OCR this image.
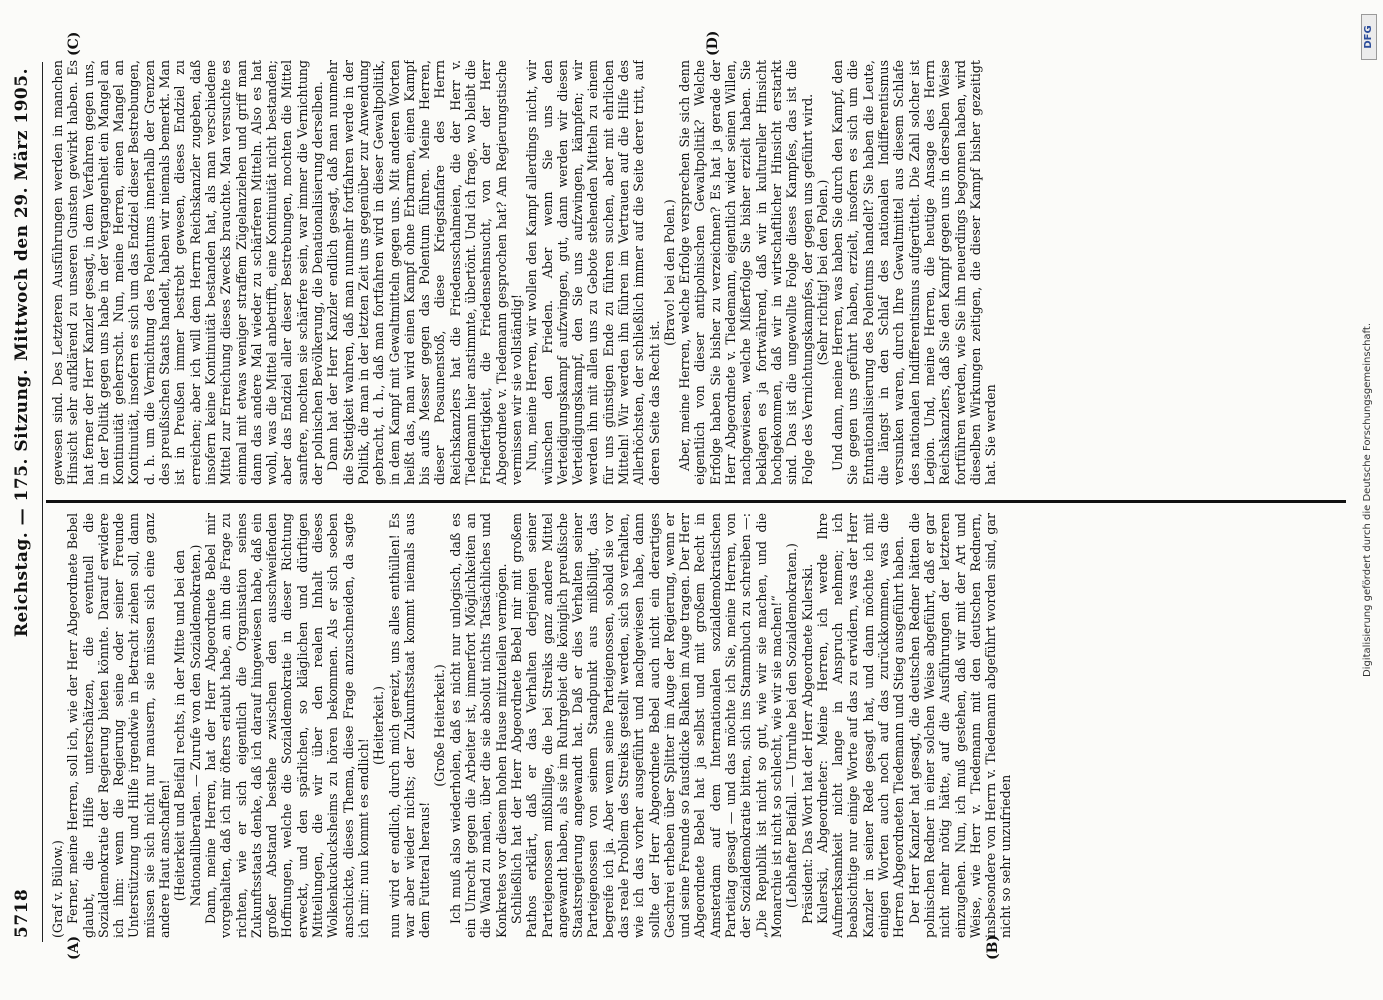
5718
Reichstag. — 175. Sitzung.
Mittwoch den 29. März 1905.
(A)	(B)
(C)	(D)

(Graf v. Bülow.) Ferner, meine Herren, soll ich, wie der Herr Abgeordnete Bebel glaubt, die Hilfe unterschätzen, die eventuell die Sozialdemokratie der Regierung bieten könnte. Darauf erwidere ich ihm: wenn die Regierung seine oder seiner Freunde Unterstützung und Hilfe irgendwie in Betracht ziehen soll, dann müssen sie sich nicht nur mausern, sie müssen sich eine ganz andere Haut anschaffen! (Heiterkeit und Beifall rechts, in der Mitte und bei den Nationalliberalen. — Zurufe von den Sozialdemokraten.) Dann, meine Herren, hat der Herr Abgeordnete Bebel mir vorgehalten, daß ich mir öfters erlaubt habe, an ihn die Frage zu richten, wie er sich eigentlich die Organisation seines Zukunftsstaats denke, daß ich darauf hingewiesen habe, daß ein großer Abstand bestehe zwischen den ausschweifenden Hoffnungen, welche die Sozialdemokratie in dieser Richtung erweckt, und den spärlichen, so kläglichen und dürftigen Mitteilungen, die wir über den realen Inhalt dieses Wolkenkuckucksheims zu hören bekommen. Als er sich soeben anschickte, dieses Thema, diese Frage anzuschneiden, da sagte ich mir: nun kommt es endlich!

(Heiterkeit.) nun wird er endlich, durch mich gereizt, uns alles enthüllen! Es war aber wieder nichts; der Zukunftsstaat kommt niemals aus dem Futteral heraus!

(Große Heiterkeit.) Ich muß also wiederholen, daß es nicht nur unlogisch, daß es ein Unrecht gegen die Arbeiter ist, immerfort Möglichkeiten an die Wand zu malen, über die sie absolut nichts Tatsächliches und Konkretes vor diesem hohen Hause mitzuteilen vermögen. Schließlich hat der Herr Abgeordnete Bebel mir mit großem Pathos erklärt, daß er das Verhalten derjenigen seiner Parteigenossen mißbillige, die bei Streiks ganz andere Mittel angewandt haben, als sie im Ruhrgebiet die königlich preußische Staatsregierung angewandt hat. Daß er dies Verhalten seiner Parteigenossen von seinem Standpunkt aus mißbilligt, das begreife ich ja. Aber wenn seine Parteigenossen, sobald sie vor das reale Problem des Streiks gestellt werden, sich so verhalten, wie ich das vorher ausgeführt und nachgewiesen habe, dann sollte der Herr Abgeordnete Bebel auch nicht ein derartiges Geschrei erheben über Splitter im Auge der Regierung, wenn er und seine Freunde so faustdicke Balken im Auge tragen. Der Herr Abgeordnete Bebel hat ja selbst und mit großem Recht in Amsterdam auf dem Internationalen sozialdemokratischen Parteitag gesagt — und das möchte ich Sie, meine Herren, von der Sozialdemokratie bitten, sich ins Stammbuch zu schreiben —: „Die Republik ist nicht so gut, wie wir sie machen, und die Monarchie ist nicht so schlecht, wie wir sie machen!“ (Lebhafter Beifall. — Unruhe bei den Sozialdemokraten.) Präsident: Das Wort hat der Herr Abgeordnete Kulerski. Kulerski, Abgeordneter: Meine Herren, ich werde Ihre Aufmerksamkeit nicht lange in Anspruch nehmen; ich beabsichtige nur einige Worte auf das zu erwidern, was der Herr Kanzler in seiner Rede gesagt hat, und dann möchte ich mit einigen Worten auch noch auf das zurückkommen, was die Herren Abgeordneten Tiedemann und Stieg ausgeführt haben. Der Herr Kanzler hat gesagt, die deutschen Redner hätten die polnischen Redner in einer solchen Weise abgeführt, daß er gar nicht mehr nötig hätte, auf die Ausführungen der letzteren einzugehen. Nun, ich muß gestehen, daß wir mit der Art und Weise, wie Herr v. Tiedemann mit den deutschen Rednern, insbesondere von Herrn v. Tiedemann abgeführt worden sind, gar nicht so sehr unzufrieden

gewesen sind. Des Letzteren Ausführungen werden in manchen Hinsicht sehr aufklärend zu unseren Gunsten gewirkt haben. Es hat ferner der Herr Kanzler gesagt, in dem Verfahren gegen uns, in der Politik gegen uns habe in der Vergangenheit ein Mangel an Kontinuität geherrscht. Nun, meine Herren, einen Mangel an Kontinuität, insofern es sich um das Endziel dieser Bestrebungen, d. h. um die Vernichtung des Polentums innerhalb der Grenzen des preußischen Staats handelt, haben wir niemals bemerkt. Man ist in Preußen immer bestrebt gewesen, dieses Endziel zu erreichen; aber ich will dem Herrn Reichskanzler zugeben, daß insofern keine Kontinuität bestanden hat, als man verschiedene Mittel zur Erreichung dieses Zwecks brauchte. Man versuchte es einmal mit etwas weniger straffem Zügelanziehen und griff man dann das andere Mal wieder zu schärferen Mitteln. Also es hat wohl, was die Mittel anbetrifft, eine Kontinuität nicht bestanden; aber das Endziel aller dieser Bestrebungen, mochten die Mittel sanftere, mochten sie schärfere sein, war immer die Vernichtung der polnischen Bevölkerung, die Denationalisierung derselben. Dann hat der Herr Kanzler endlich gesagt, daß man nunmehr die Stetigkeit wahren, daß man nunmehr fortfahren werde in der Politik, die man in der letzten Zeit uns gegenüber zur Anwendung gebracht, d. h., daß man fortfahren wird in dieser Gewaltpolitik, in dem Kampf mit Gewaltmitteln gegen uns. Mit anderen Worten heißt das, man wird einen Kampf ohne Erbarmen, einen Kampf bis aufs Messer gegen das Polentum führen. Meine Herren, dieser Posaunenstoß, diese Kriegsfanfare des Herrn Reichskanzlers hat die Friedensschalmeien, die der Herr v. Tiedemann hier anstimmte, übertönt. Und ich frage, wo bleibt die Friedfertigkeit, die Friedensehnsucht, von der der Herr Abgeordnete v. Tiedemann gesprochen hat? Am Regierungstische vermissen wir sie vollständig! Nun, meine Herren, wir wollen den Kampf allerdings nicht, wir wünschen den Frieden. Aber wenn Sie uns den Verteidigungskampf aufzwingen, gut, dann werden wir diesen Verteidigungskampf, den Sie uns aufzwingen, kämpfen; wir werden ihn mit allen uns zu Gebote stehenden Mitteln zu einem für uns günstigen Ende zu führen suchen, aber mit ehrlichen Mitteln! Wir werden ihn führen im Vertrauen auf die Hilfe des Allerhöchsten, der schließlich immer auf die Seite derer tritt, auf deren Seite das Recht ist.

(Bravo! bei den Polen.) Aber, meine Herren, welche Erfolge versprechen Sie sich denn eigentlich von dieser antipolnischen Gewaltpolitik? Welche Erfolge haben Sie bisher zu verzeichnen? Es hat ja gerade der Herr Abgeordnete v. Tiedemann, eigentlich wider seinen Willen, nachgewiesen, welche Mißerfolge Sie bisher erzielt haben. Sie beklagen es ja fortwährend, daß wir in kultureller Hinsicht hochgekommen, daß wir in wirtschaftlicher Hinsicht erstarkt sind. Das ist die ungewollte Folge dieses Kampfes, das ist die Folge des Vernichtungskampfes, der gegen uns geführt wird. (Sehr richtig! bei den Polen.) Und dann, meine Herren, was haben Sie durch den Kampf, den Sie gegen uns geführt haben, erzielt, insofern es sich um die Entnationalisierung des Polentums handelt? Sie haben die Leute, die längst in den Schlaf des nationalen Indifferentismus versunken waren, durch Ihre Gewaltmittel aus diesem Schlafe des nationalen Indifferentismus aufgerüttelt. Die Zahl solcher ist Legion. Und, meine Herren, die heutige Ansage des Herrn Reichskanzlers, daß Sie den Kampf gegen uns in derselben Weise fortführen werden, wie Sie ihn neuerdings begonnen haben, wird dieselben Wirkungen zeitigen, die dieser Kampf bisher gezeitigt hat. Sie werden	Digitalisierung gefördert durch die Deutsche Forschungsgemeinschaft.
DFG
